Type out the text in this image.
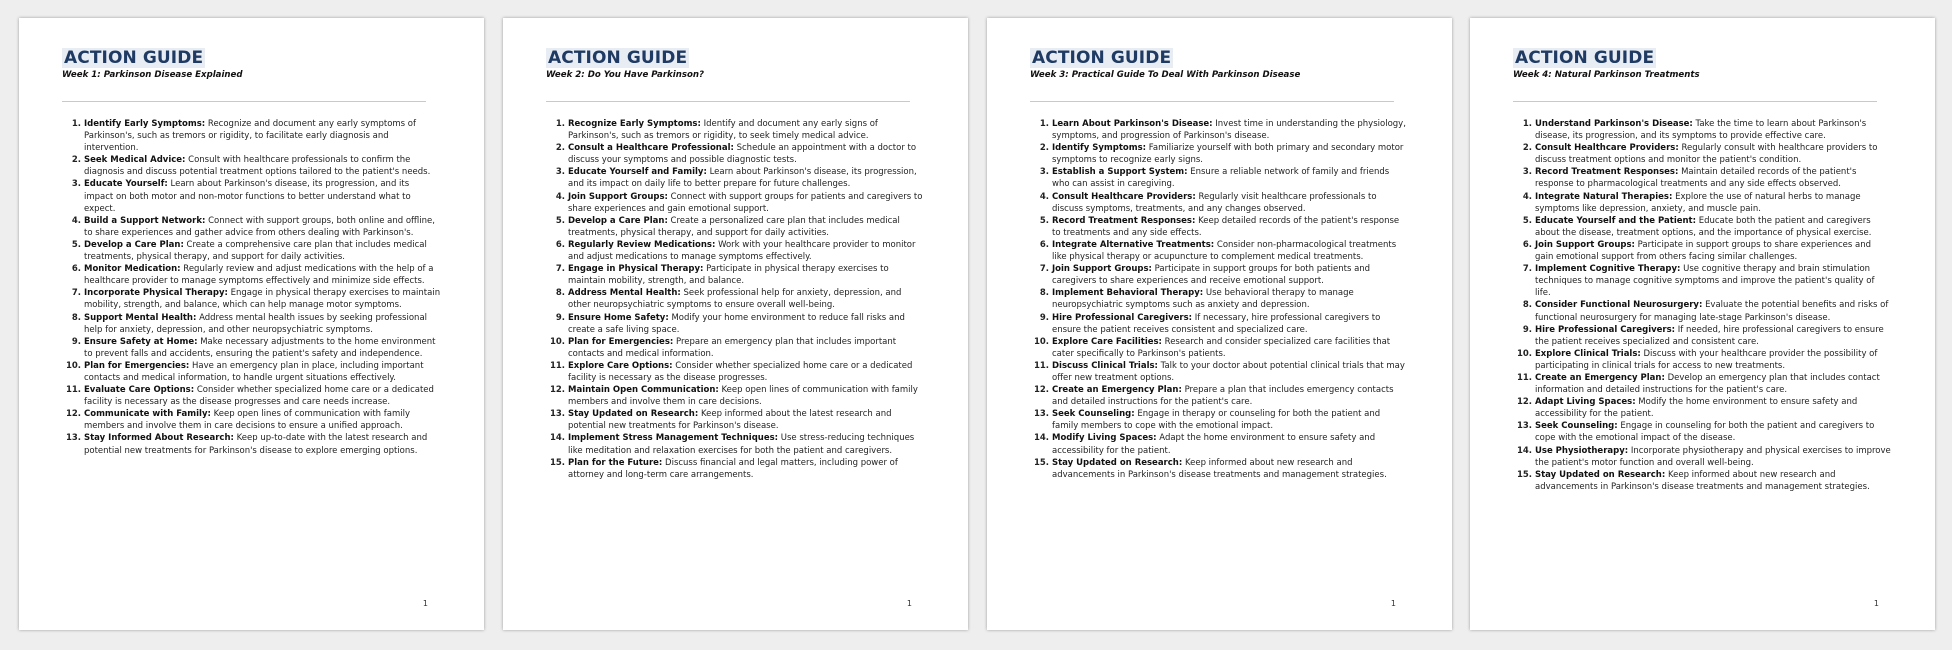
ACTION GUIDE
Week 1: Parkinson Disease Explained
1. Identify Early Symptoms: Recognize and document any early symptoms of Parkinson's, such as tremors or rigidity, to facilitate early diagnosis and intervention.
2. Seek Medical Advice: Consult with healthcare professionals to confirm the diagnosis and discuss potential treatment options tailored to the patient's needs.
3. Educate Yourself: Learn about Parkinson's disease, its progression, and its impact on both motor and non-motor functions to better understand what to expect.
4. Build a Support Network: Connect with support groups, both online and offline, to share experiences and gather advice from others dealing with Parkinson's.
5. Develop a Care Plan: Create a comprehensive care plan that includes medical treatments, physical therapy, and support for daily activities.
6. Monitor Medication: Regularly review and adjust medications with the help of a healthcare provider to manage symptoms effectively and minimize side effects.
7. Incorporate Physical Therapy: Engage in physical therapy exercises to maintain mobility, strength, and balance, which can help manage motor symptoms.
8. Support Mental Health: Address mental health issues by seeking professional help for anxiety, depression, and other neuropsychiatric symptoms.
9. Ensure Safety at Home: Make necessary adjustments to the home environment to prevent falls and accidents, ensuring the patient's safety and independence.
10. Plan for Emergencies: Have an emergency plan in place, including important contacts and medical information, to handle urgent situations effectively.
11. Evaluate Care Options: Consider whether specialized home care or a dedicated facility is necessary as the disease progresses and care needs increase.
12. Communicate with Family: Keep open lines of communication with family members and involve them in care decisions to ensure a unified approach.
13. Stay Informed About Research: Keep up-to-date with the latest research and potential new treatments for Parkinson's disease to explore emerging options.
1
ACTION GUIDE
Week 2: Do You Have Parkinson?
1. Recognize Early Symptoms: Identify and document any early signs of Parkinson's, such as tremors or rigidity, to seek timely medical advice.
2. Consult a Healthcare Professional: Schedule an appointment with a doctor to discuss your symptoms and possible diagnostic tests.
3. Educate Yourself and Family: Learn about Parkinson's disease, its progression, and its impact on daily life to better prepare for future challenges.
4. Join Support Groups: Connect with support groups for patients and caregivers to share experiences and gain emotional support.
5. Develop a Care Plan: Create a personalized care plan that includes medical treatments, physical therapy, and support for daily activities.
6. Regularly Review Medications: Work with your healthcare provider to monitor and adjust medications to manage symptoms effectively.
7. Engage in Physical Therapy: Participate in physical therapy exercises to maintain mobility, strength, and balance.
8. Address Mental Health: Seek professional help for anxiety, depression, and other neuropsychiatric symptoms to ensure overall well-being.
9. Ensure Home Safety: Modify your home environment to reduce fall risks and create a safe living space.
10. Plan for Emergencies: Prepare an emergency plan that includes important contacts and medical information.
11. Explore Care Options: Consider whether specialized home care or a dedicated facility is necessary as the disease progresses.
12. Maintain Open Communication: Keep open lines of communication with family members and involve them in care decisions.
13. Stay Updated on Research: Keep informed about the latest research and potential new treatments for Parkinson's disease.
14. Implement Stress Management Techniques: Use stress-reducing techniques like meditation and relaxation exercises for both the patient and caregivers.
15. Plan for the Future: Discuss financial and legal matters, including power of attorney and long-term care arrangements.
1
ACTION GUIDE
Week 3: Practical Guide To Deal With Parkinson Disease
1. Learn About Parkinson's Disease: Invest time in understanding the physiology, symptoms, and progression of Parkinson's disease.
2. Identify Symptoms: Familiarize yourself with both primary and secondary motor symptoms to recognize early signs.
3. Establish a Support System: Ensure a reliable network of family and friends who can assist in caregiving.
4. Consult Healthcare Providers: Regularly visit healthcare professionals to discuss symptoms, treatments, and any changes observed.
5. Record Treatment Responses: Keep detailed records of the patient's response to treatments and any side effects.
6. Integrate Alternative Treatments: Consider non-pharmacological treatments like physical therapy or acupuncture to complement medical treatments.
7. Join Support Groups: Participate in support groups for both patients and caregivers to share experiences and receive emotional support.
8. Implement Behavioral Therapy: Use behavioral therapy to manage neuropsychiatric symptoms such as anxiety and depression.
9. Hire Professional Caregivers: If necessary, hire professional caregivers to ensure the patient receives consistent and specialized care.
10. Explore Care Facilities: Research and consider specialized care facilities that cater specifically to Parkinson's patients.
11. Discuss Clinical Trials: Talk to your doctor about potential clinical trials that may offer new treatment options.
12. Create an Emergency Plan: Prepare a plan that includes emergency contacts and detailed instructions for the patient's care.
13. Seek Counseling: Engage in therapy or counseling for both the patient and family members to cope with the emotional impact.
14. Modify Living Spaces: Adapt the home environment to ensure safety and accessibility for the patient.
15. Stay Updated on Research: Keep informed about new research and advancements in Parkinson's disease treatments and management strategies.
1
ACTION GUIDE
Week 4: Natural Parkinson Treatments
1. Understand Parkinson's Disease: Take the time to learn about Parkinson's disease, its progression, and its symptoms to provide effective care.
2. Consult Healthcare Providers: Regularly consult with healthcare providers to discuss treatment options and monitor the patient's condition.
3. Record Treatment Responses: Maintain detailed records of the patient's response to pharmacological treatments and any side effects observed.
4. Integrate Natural Therapies: Explore the use of natural herbs to manage symptoms like depression, anxiety, and muscle pain.
5. Educate Yourself and the Patient: Educate both the patient and caregivers about the disease, treatment options, and the importance of physical exercise.
6. Join Support Groups: Participate in support groups to share experiences and gain emotional support from others facing similar challenges.
7. Implement Cognitive Therapy: Use cognitive therapy and brain stimulation techniques to manage cognitive symptoms and improve the patient's quality of life.
8. Consider Functional Neurosurgery: Evaluate the potential benefits and risks of functional neurosurgery for managing late-stage Parkinson's disease.
9. Hire Professional Caregivers: If needed, hire professional caregivers to ensure the patient receives specialized and consistent care.
10. Explore Clinical Trials: Discuss with your healthcare provider the possibility of participating in clinical trials for access to new treatments.
11. Create an Emergency Plan: Develop an emergency plan that includes contact information and detailed instructions for the patient's care.
12. Adapt Living Spaces: Modify the home environment to ensure safety and accessibility for the patient.
13. Seek Counseling: Engage in counseling for both the patient and caregivers to cope with the emotional impact of the disease.
14. Use Physiotherapy: Incorporate physiotherapy and physical exercises to improve the patient's motor function and overall well-being.
15. Stay Updated on Research: Keep informed about new research and advancements in Parkinson's disease treatments and management strategies.
1
